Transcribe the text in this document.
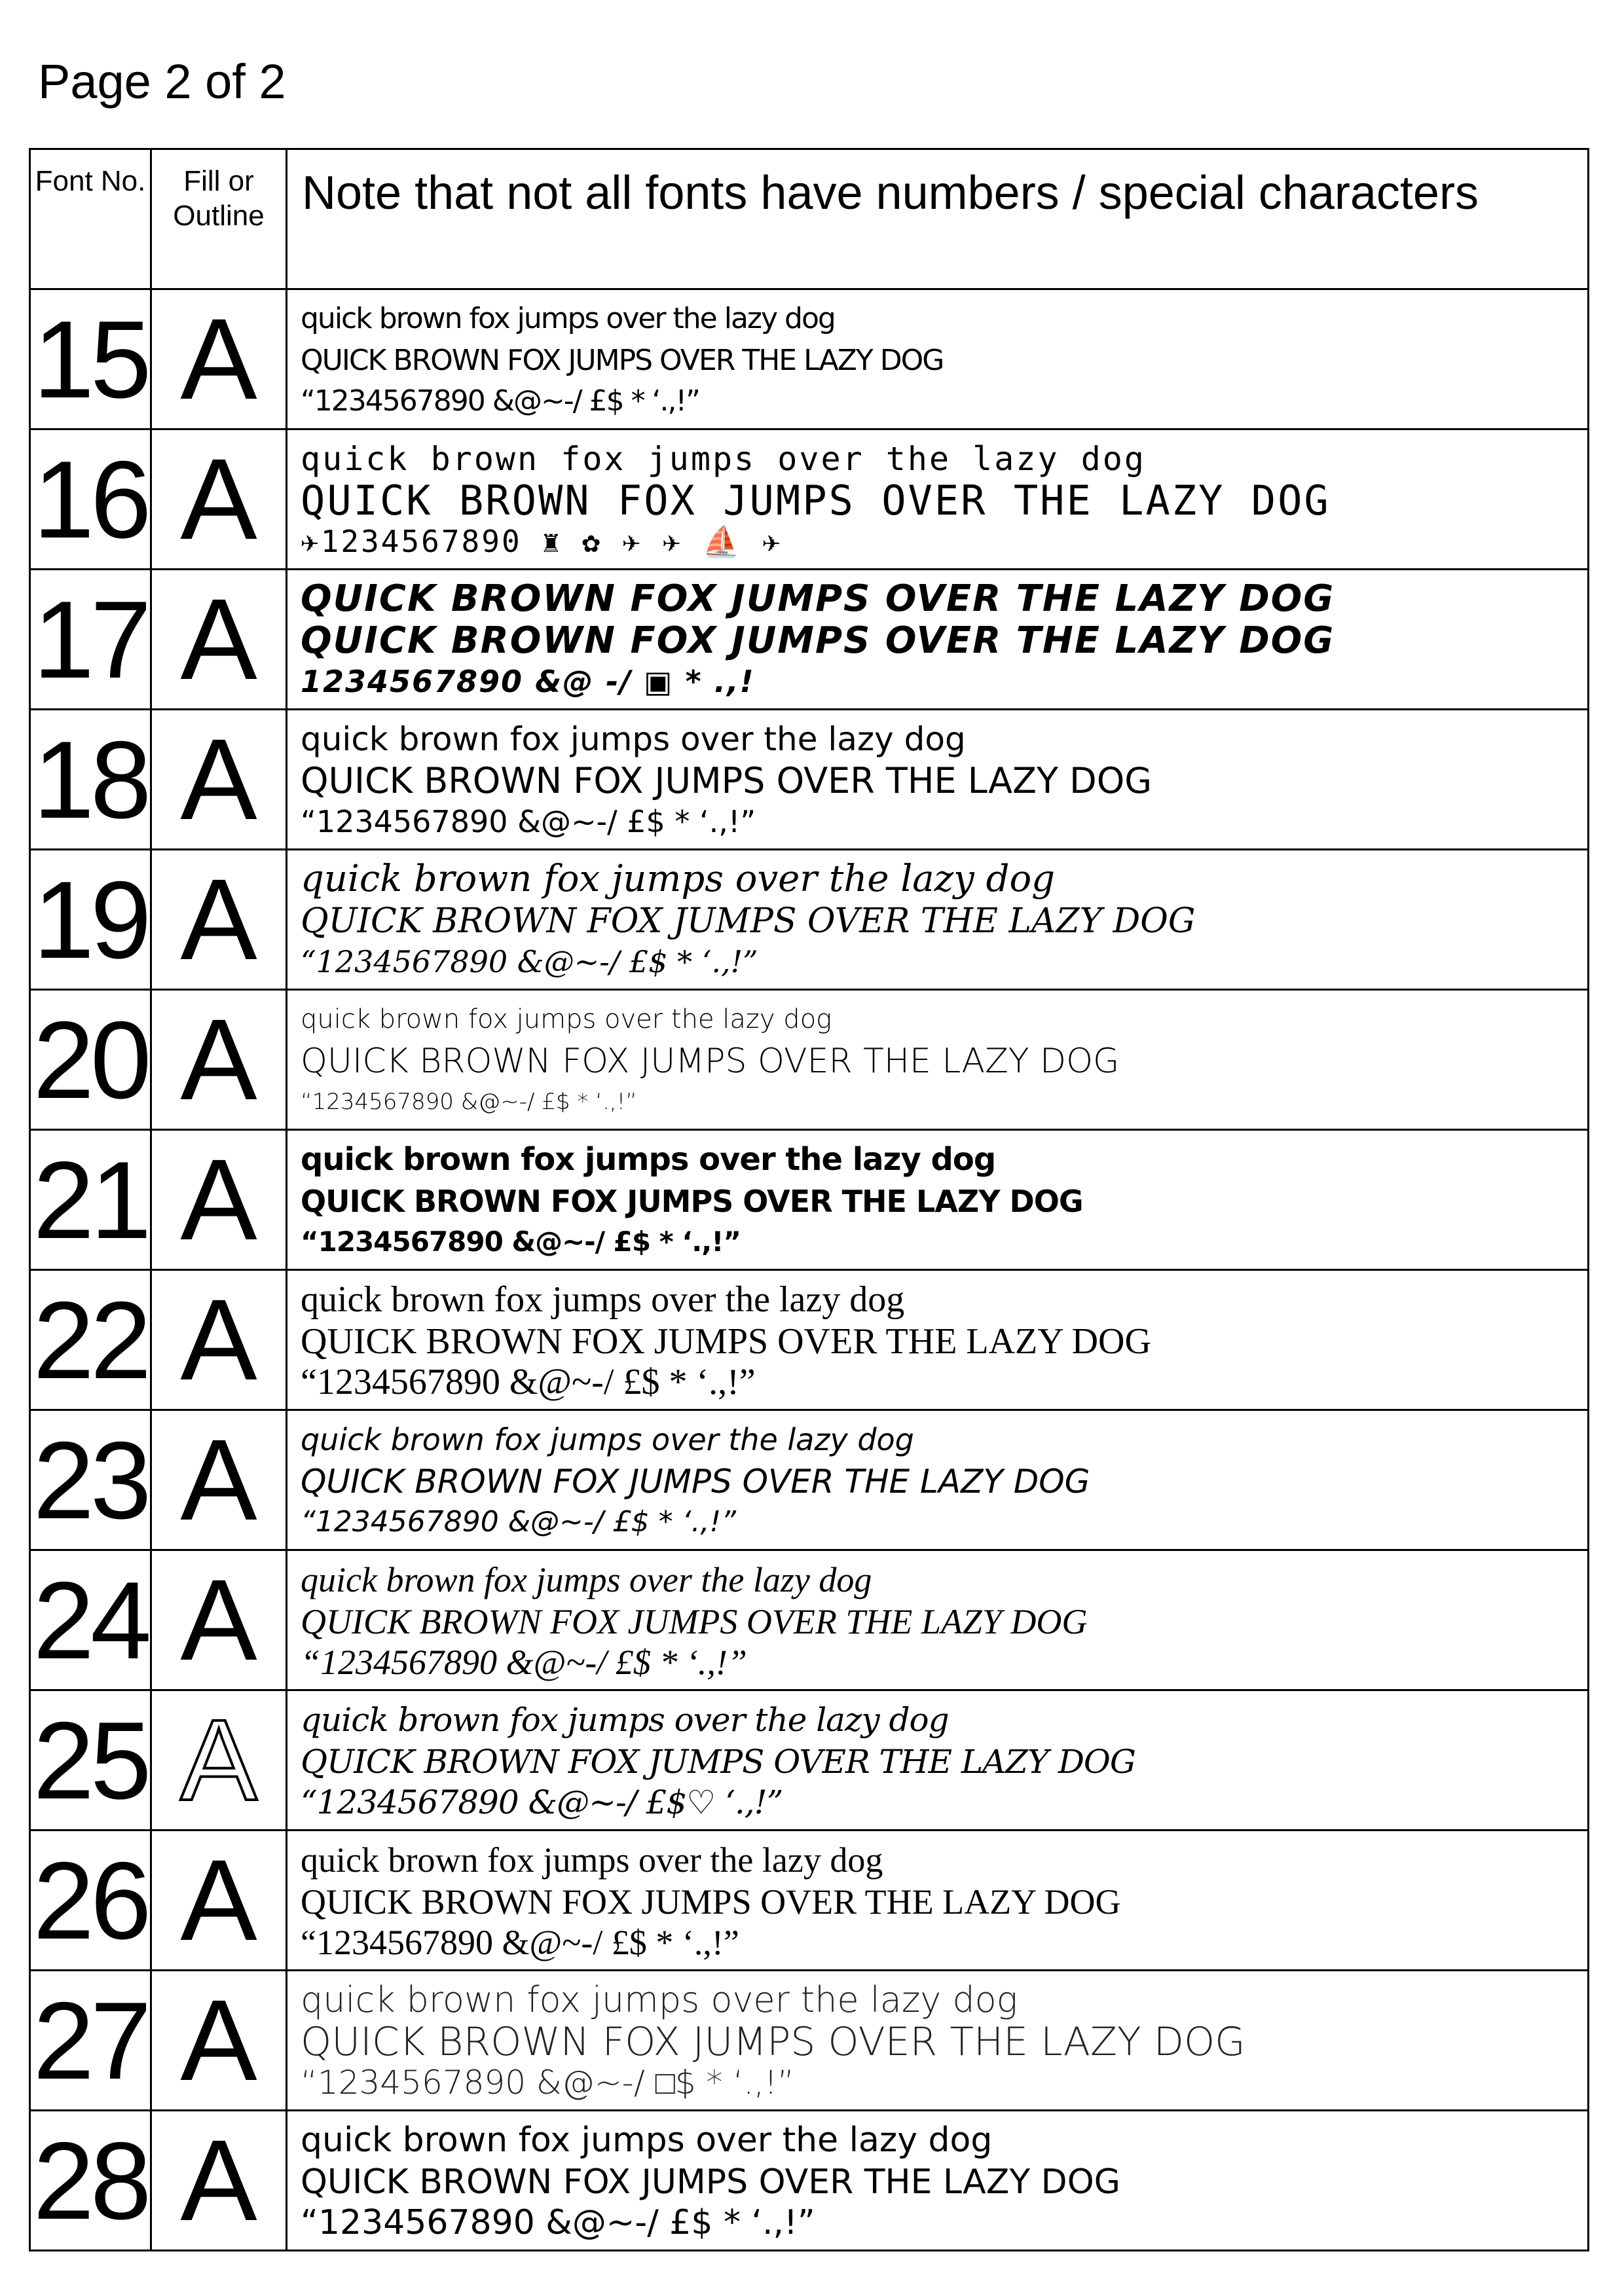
Page 2 of 2
Font No.	Fill or Outline	Note that not all fonts have numbers / special characters
15	A	quick brown fox jumps over the lazy dog
QUICK BROWN FOX JUMPS OVER THE LAZY DOG
“1234567890 &@~-/ £$ * ‘.,!”

16	A	quick brown fox jumps over the lazy dog
QUICK BROWN FOX JUMPS OVER THE LAZY DOG
✈1234567890 ♜ ✿ ✈ ✈ ⛵ ✈

17	A	QUICK BROWN FOX JUMPS OVER THE LAZY DOG
QUICK BROWN FOX JUMPS OVER THE LAZY DOG
1234567890 &@ -/ ▣ * .,!

18	A	quick brown fox jumps over the lazy dog
QUICK BROWN FOX JUMPS OVER THE LAZY DOG
“1234567890 &@~-/ £$ * ‘.,!”

19	A	quick brown fox jumps over the lazy dog
QUICK BROWN FOX JUMPS OVER THE LAZY DOG
“1234567890 &@~-/ £$ * ‘.,!”

20	A	quick brown fox jumps over the lazy dog
QUICK BROWN FOX JUMPS OVER THE LAZY DOG
“1234567890 &@~-/ £$ * ‘.,!”

21	A	quick brown fox jumps over the lazy dog
QUICK BROWN FOX JUMPS OVER THE LAZY DOG
“1234567890 &@~-/ £$ * ‘.,!”

22	A	quick brown fox jumps over the lazy dog
QUICK BROWN FOX JUMPS OVER THE LAZY DOG
“1234567890 &@~-/ £$ * ‘.,!”

23	A	quick brown fox jumps over the lazy dog
QUICK BROWN FOX JUMPS OVER THE LAZY DOG
“1234567890 &@~-/ £$ * ‘.,!”

24	A	quick brown fox jumps over the lazy dog
QUICK BROWN FOX JUMPS OVER THE LAZY DOG
“1234567890 &@~-/ £$ * ‘.,!”

25	A	quick brown fox jumps over the lazy dog
QUICK BROWN FOX JUMPS OVER THE LAZY DOG
“1234567890 &@~-/ £$♡ ‘.,!”

26	A	quick brown fox jumps over the lazy dog
QUICK BROWN FOX JUMPS OVER THE LAZY DOG
“1234567890 &@~-/ £$ * ‘.,!”

27	A	quick brown fox jumps over the lazy dog
QUICK BROWN FOX JUMPS OVER THE LAZY DOG
“1234567890 &@~-/ □$ * ‘.,!”

28	A	quick brown fox jumps over the lazy dog
QUICK BROWN FOX JUMPS OVER THE LAZY DOG
“1234567890 &@~-/ £$ * ‘.,!”
